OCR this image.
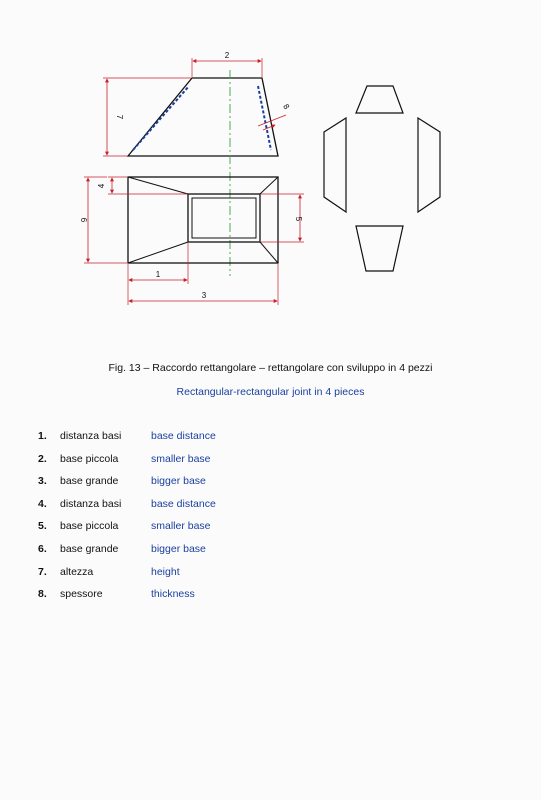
1
2
3
4
5
6
7
8
Fig. 13 – Raccordo rettangolare – rettangolare con sviluppo in 4 pezzi
Rectangular-rectangular joint in 4 pieces
1. distanza basi	base distance
2. base piccola	smaller base
3. base grande	bigger base
4. distanza basi	base distance
5. base piccola	smaller base
6. base grande	bigger base
7. altezza	height
8. spessore	thickness
